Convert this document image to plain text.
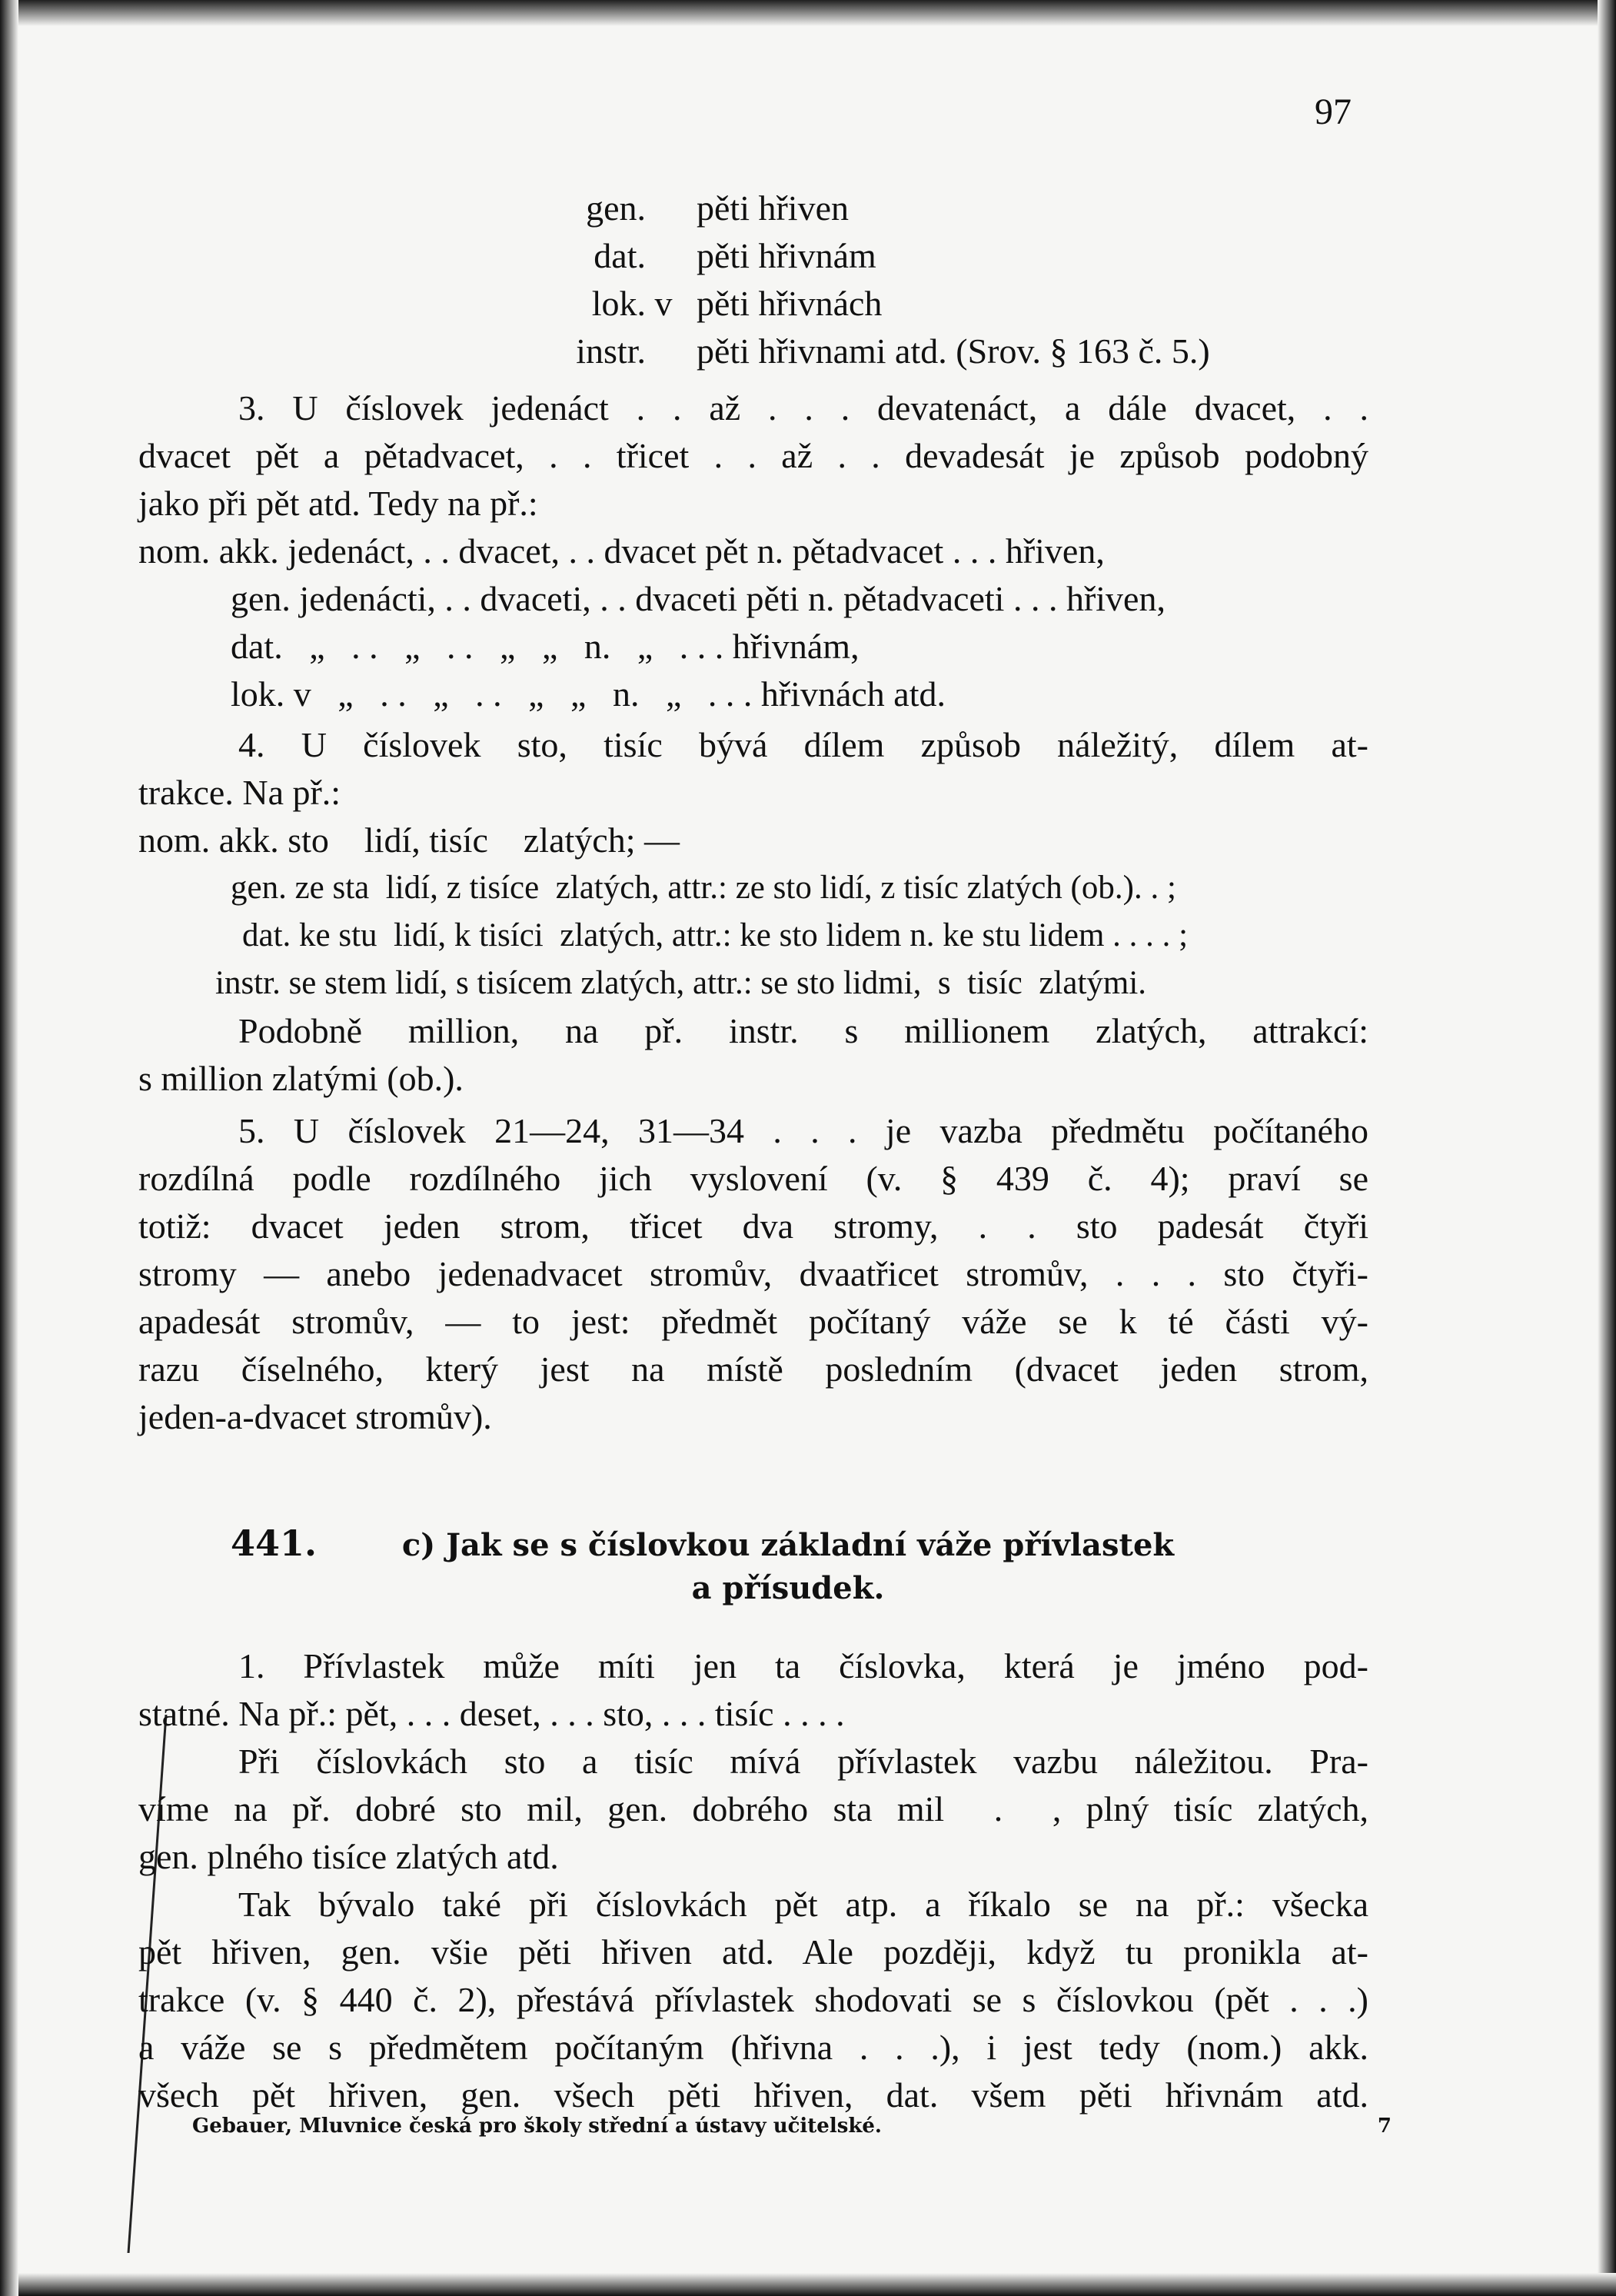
97
gen.	pěti hřiven
dat.	pěti hřivnám
lok. v pěti hřivnách
instr.	pěti hřivnami atd. (Srov. § 163 č. 5.)
3. U číslovek jedenáct . . až . . . devatenáct, a dále dvacet, . .
dvacet pět a pětadvacet, . . třicet . . až . . devadesát je způsob podobný
jako při pět atd. Tedy na př.:
nom. akk. jedenáct, . . dvacet, . . dvacet pět n. pětadvacet . . . hřiven,
gen. jedenácti, . . dvaceti, . . dvaceti pěti n. pětadvaceti . . . hřiven,
dat.   „   . .   „   . .   „   „   n.   „   . . . hřivnám,
lok. v   „   . .   „   . .   „   „   n.   „   . . . hřivnách atd.
4. U číslovek sto, tisíc bývá dílem způsob náležitý, dílem at-
trakce. Na př.:
nom. akk. sto    lidí, tisíc    zlatých; —
gen. ze sta  lidí, z tisíce  zlatých, attr.: ze sto lidí, z tisíc zlatých (ob.). . ;
dat. ke stu  lidí, k tisíci  zlatých, attr.: ke sto lidem n. ke stu lidem . . . . ;
instr. se stem lidí, s tisícem zlatých, attr.: se sto lidmi,  s  tisíc  zlatými.
Podobně million, na př. instr. s millionem zlatých, attrakcí:
s million zlatými (ob.).
5. U číslovek 21—24, 31—34 . . . je vazba předmětu počítaného
rozdílná podle rozdílného jich vyslovení (v. § 439 č. 4); praví se
totiž: dvacet jeden strom, třicet dva stromy, . . sto padesát čtyři
stromy — anebo jedenadvacet stromův, dvaatřicet stromův, . . . sto čtyři-
apadesát stromův, — to jest: předmět počítaný váže se k té části vý-
razu číselného, který jest na místě posledním (dvacet jeden strom,
jeden-a-dvacet stromův).
441.	c) Jak se s číslovkou základní váže přívlastek
a přísudek.
1. Přívlastek může míti jen ta číslovka, která je jméno pod-
statné. Na př.: pět, . . . deset, . . . sto, . . . tisíc . . . .
Při číslovkách sto a tisíc mívá přívlastek vazbu náležitou. Pra-
víme na př. dobré sto mil, gen. dobrého sta mil  .  , plný tisíc zlatých,
gen. plného tisíce zlatých atd.
Tak bývalo také při číslovkách pět atp. a říkalo se na př.: všecka
pět hřiven, gen. všie pěti hřiven atd. Ale později, když tu pronikla at-
trakce (v. § 440 č. 2), přestává přívlastek shodovati se s číslovkou (pět . . .)
a váže se s předmětem počítaným (hřivna . . .), i jest tedy (nom.) akk.
všech pět hřiven, gen. všech pěti hřiven, dat. všem pěti hřivnám atd.
Gebauer, Mluvnice česká pro školy střední a ústavy učitelské.	7
